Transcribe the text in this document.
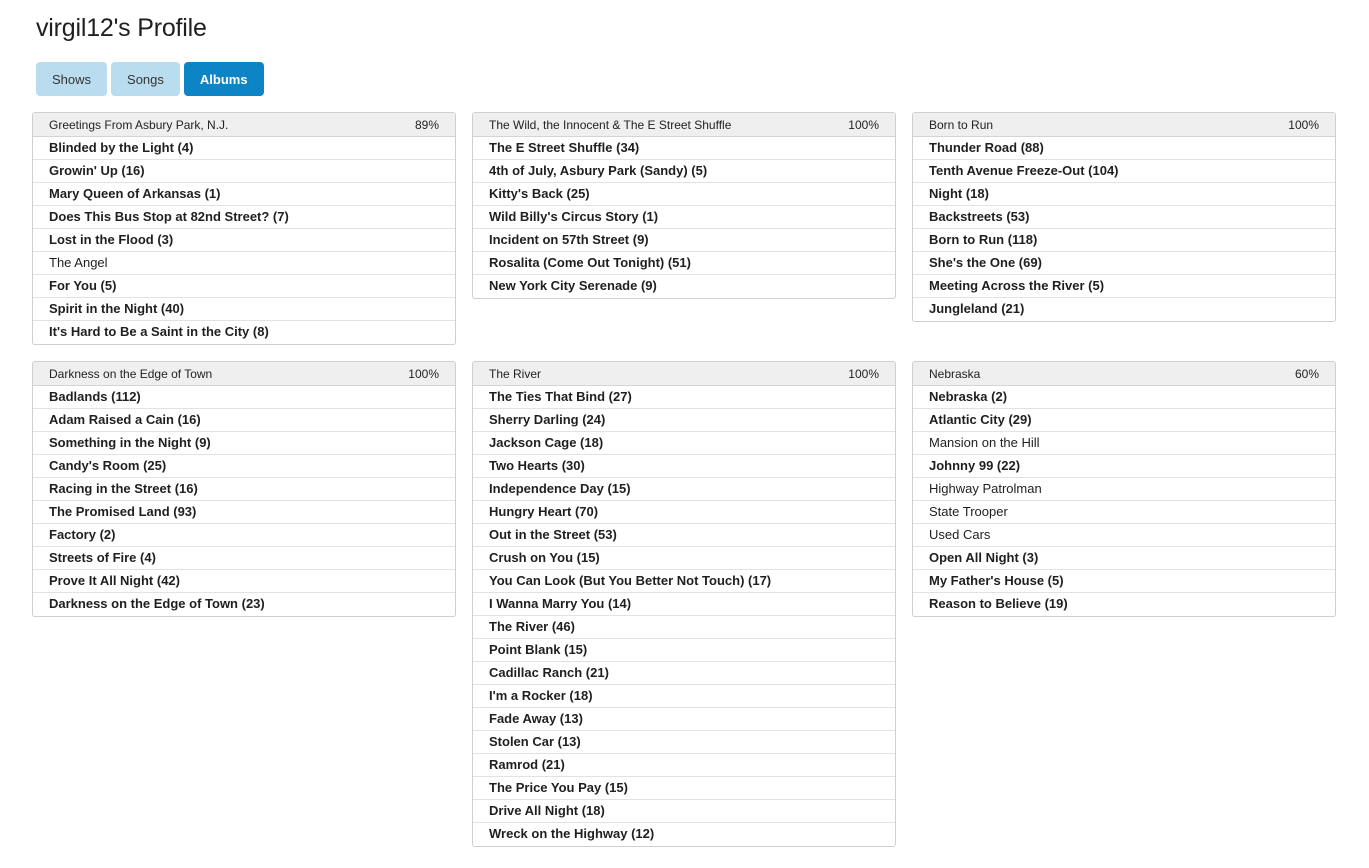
virgil12's Profile
Shows	Songs	Albums
Greetings From Asbury Park, N.J.	89%
Blinded by the Light (4)
Growin' Up (16)
Mary Queen of Arkansas (1)
Does This Bus Stop at 82nd Street? (7)
Lost in the Flood (3)
The Angel
For You (5)
Spirit in the Night (40)
It's Hard to Be a Saint in the City (8)
The Wild, the Innocent & The E Street Shuffle	100%
The E Street Shuffle (34)
4th of July, Asbury Park (Sandy) (5)
Kitty's Back (25)
Wild Billy's Circus Story (1)
Incident on 57th Street (9)
Rosalita (Come Out Tonight) (51)
New York City Serenade (9)
Born to Run	100%
Thunder Road (88)
Tenth Avenue Freeze-Out (104)
Night (18)
Backstreets (53)
Born to Run (118)
She's the One (69)
Meeting Across the River (5)
Jungleland (21)
Darkness on the Edge of Town	100%
Badlands (112)
Adam Raised a Cain (16)
Something in the Night (9)
Candy's Room (25)
Racing in the Street (16)
The Promised Land (93)
Factory (2)
Streets of Fire (4)
Prove It All Night (42)
Darkness on the Edge of Town (23)
The River	100%
The Ties That Bind (27)
Sherry Darling (24)
Jackson Cage (18)
Two Hearts (30)
Independence Day (15)
Hungry Heart (70)
Out in the Street (53)
Crush on You (15)
You Can Look (But You Better Not Touch) (17)
I Wanna Marry You (14)
The River (46)
Point Blank (15)
Cadillac Ranch (21)
I'm a Rocker (18)
Fade Away (13)
Stolen Car (13)
Ramrod (21)
The Price You Pay (15)
Drive All Night (18)
Wreck on the Highway (12)
Nebraska	60%
Nebraska (2)
Atlantic City (29)
Mansion on the Hill
Johnny 99 (22)
Highway Patrolman
State Trooper
Used Cars
Open All Night (3)
My Father's House (5)
Reason to Believe (19)
